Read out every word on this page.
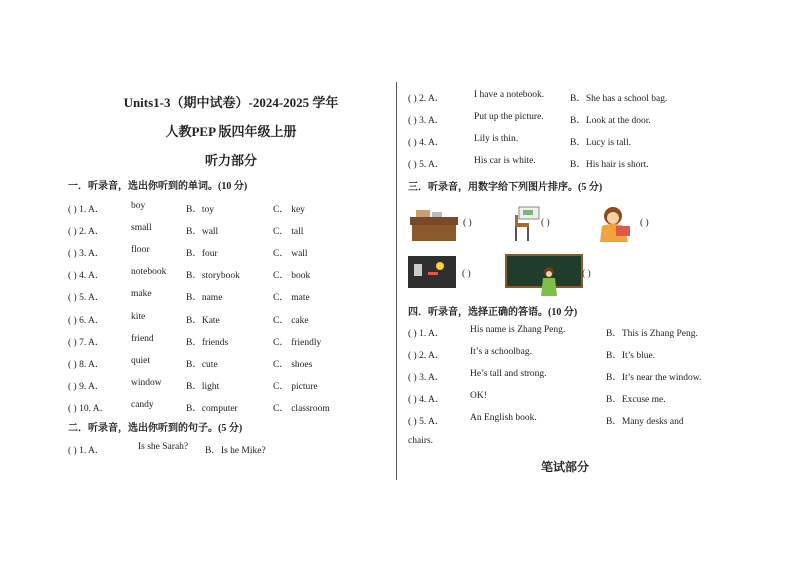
Units1-3（期中试卷）-2024-2025 学年
人教PEP 版四年级上册
听力部分
一．听录音，选出你听到的单词。(10 分)
( ) 1. A．	boy	B．toy	C． key
( ) 2. A．	small	B．wall	C． tall
( ) 3. A．	floor	B．four	C． wall
( ) 4. A．	notebook B．storybook	C． book
( ) 5. A．	make	B．name	C． mate
( ) 6. A．	kite	B．Kate	C． cake
( ) 7. A．	friend	B．friends	C． friendly
( ) 8. A．	quiet	B．cute	C． shoes
( ) 9. A．	window	B．light	C． picture
( ) 10. A． candy	B．computer	C． classroom
二．听录音，选出你听到的句子。(5 分)
( ) 1. A．	Is she Sarah? B．Is he Mike?
( ) 2. A．	I have a notebook.	B．She has a school bag.
( ) 3. A．	Put up the picture.	B．Look at the door.
( ) 4. A．	Lily is thin.	B．Lucy is tall.
( ) 5. A．	His car is white.	B．His hair is short.
三．听录音，用数字给下列图片排序。(5 分)
( )	( )	( )
( )	( )
四．听录音，选择正确的答语。(10 分)
( ) 1. A．	His name is Zhang Peng.	B．This is Zhang Peng.
( ) 2. A．	It’s a schoolbag.	B．It’s blue.
( ) 3. A．	He’s tall and strong.	B．It’s near the window.
( ) 4. A．	OK!	B．Excuse me.
( ) 5. A．	An English book.	B．Many desks and
chairs.
笔试部分
